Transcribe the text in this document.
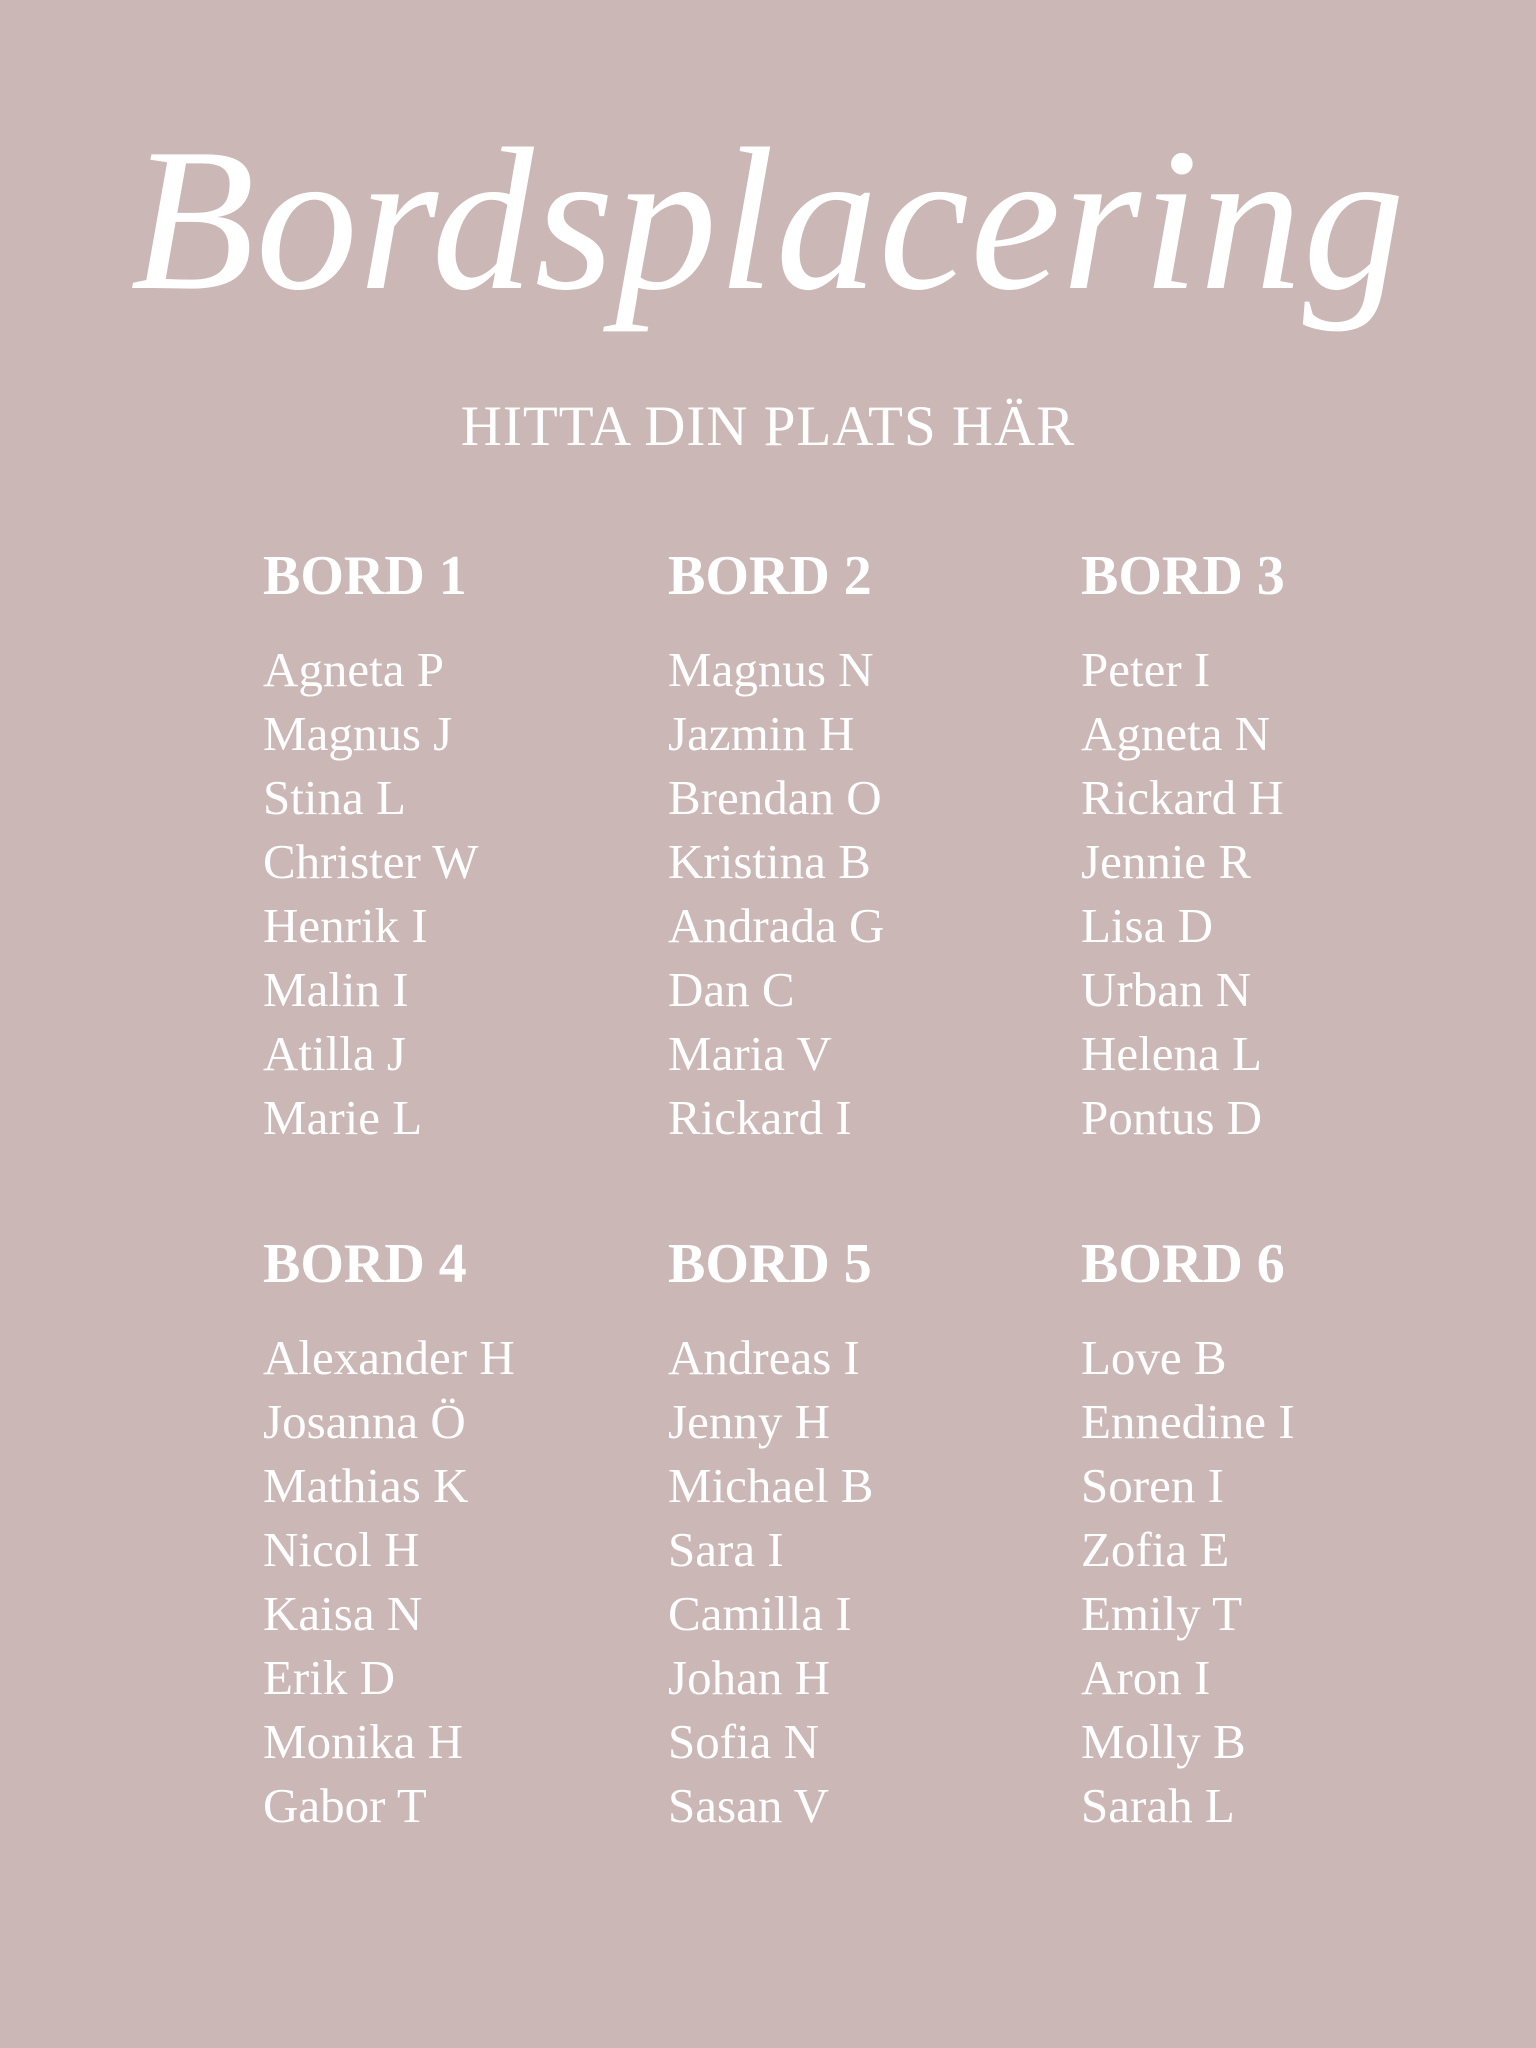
Bordsplacering
HITTA DIN PLATS HÄR
BORD 1
Agneta P
Magnus J
Stina L
Christer W
Henrik I
Malin I
Atilla J
Marie L
BORD 2
Magnus N
Jazmin H
Brendan O
Kristina B
Andrada G
Dan C
Maria V
Rickard I
BORD 3
Peter I
Agneta N
Rickard H
Jennie R
Lisa D
Urban N
Helena L
Pontus D
BORD 4
Alexander H
Josanna Ö
Mathias K
Nicol H
Kaisa N
Erik D
Monika H
Gabor T
BORD 5
Andreas I
Jenny H
Michael B
Sara I
Camilla I
Johan H
Sofia N
Sasan V
BORD 6
Love B
Ennedine I
Soren I
Zofia E
Emily T
Aron I
Molly B
Sarah L
